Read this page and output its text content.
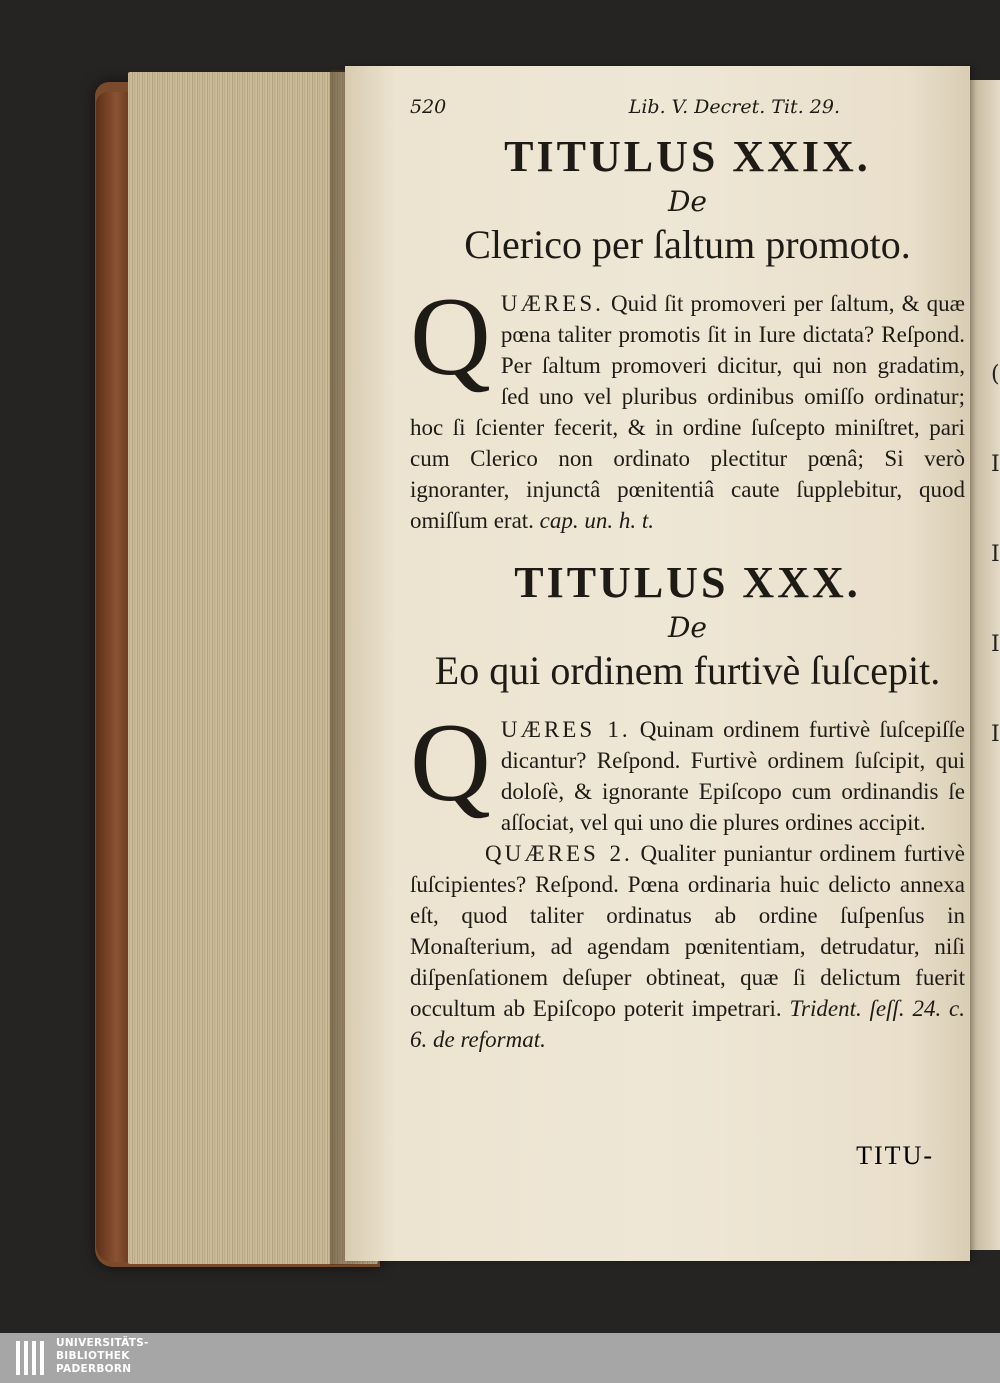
(
I
I
I
I
TITU-
520	Lib. V. Decret. Tit. 29.
TITULUS XXIX.
De
Clerico per ſaltum promoto.

Q UÆRES. Quid ſit promoveri per ſaltum, & quæ pœna taliter promotis ſit in Iure dictata? Reſpond. Per ſaltum promoveri dicitur, qui non gradatim, ſed uno vel pluribus ordinibus omiſſo ordinatur; hoc ſi ſcienter fecerit, & in ordine ſuſcepto miniſtret, pari cum Clerico non ordinato plectitur pœnâ; Si verò ignoranter, injunctâ pœnitentiâ caute ſupplebitur, quod omiſſum erat. cap. un. h. t.

TITULUS XXX.
De
Eo qui ordinem furtivè ſuſcepit.

Q UÆRES 1. Quinam ordinem furtivè ſuſcepiſſe dicantur? Reſpond. Furtivè ordinem ſuſcipit, qui doloſè, & ignorante Epiſcopo cum ordinandis ſe aſſociat, vel qui uno die plures ordines accipit.

QUÆRES 2. Qualiter puniantur ordinem furtivè ſuſcipientes? Reſpond. Pœna ordinaria huic delicto annexa eſt, quod taliter ordinatus ab ordine ſuſpenſus in Monaſterium, ad agendam pœnitentiam, detrudatur, niſi diſpenſationem deſuper obtineat, quæ ſi delictum fuerit occultum ab Epiſcopo poterit impetrari. Trident. ſeſſ. 24. c. 6. de reformat.

UNIVERSITÄTS-
BIBLIOTHEK
PADERBORN
